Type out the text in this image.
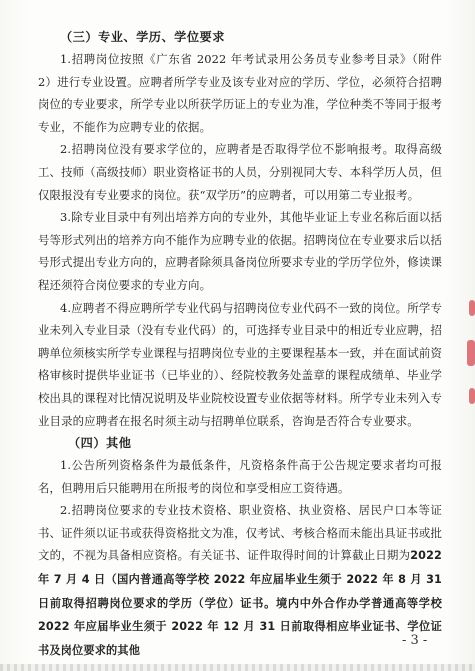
（三）专业、学历、学位要求

1.招聘岗位按照《广东省 2022 年考试录用公务员专业参考目录》（附件 2）进行专业设置。应聘者所学专业及该专业对应的学历、学位，必须符合招聘岗位的专业要求，所学专业以所获学历证上的专业为准，学位种类不等同于报考专业，不能作为应聘专业的依据。

2.招聘岗位没有要求学位的，应聘者是否取得学位不影响报考。取得高级工、技师（高级技师）职业资格证书的人员，分别视同大专、本科学历人员，但仅限报没有专业要求的岗位。获“双学历”的应聘者，可以用第二专业报考。

3.除专业目录中有列出培养方向的专业外，其他毕业证上专业名称后面以括号等形式列出的培养方向不能作为应聘专业的依据。招聘岗位在专业要求后以括号形式提出专业方向的，应聘者除须具备岗位所要求专业的学历学位外，修读课程还须符合岗位要求的专业方向。

4.应聘者不得应聘所学专业代码与招聘岗位专业代码不一致的岗位。所学专业未列入专业目录（没有专业代码）的，可选择专业目录中的相近专业应聘，招聘单位须核实所学专业课程与招聘岗位专业的主要课程基本一致，并在面试前资格审核时提供毕业证书（已毕业的）、经院校教务处盖章的课程成绩单、毕业学校出具的课程对比情况说明及毕业院校设置专业依据等材料。所学专业未列入专业目录的应聘者在报名时须主动与招聘单位联系，咨询是否符合专业要求。

（四）其他

1.公告所列资格条件为最低条件，凡资格条件高于公告规定要求者均可报名，但聘用后只能聘用在所报考的岗位和享受相应工资待遇。

2.招聘岗位要求的专业技术资格、职业资格、执业资格、居民户口本等证书、证件须以证书或获得资格批文为准，仅考试、考核合格而未能出具证书或批文的，不视为具备相应资格。有关证书、证件取得时间的计算截止日期为2022 年 7 月 4 日（国内普通高等学校 2022 年应届毕业生须于 2022 年 8 月 31 日前取得招聘岗位要求的学历（学位）证书。境内中外合作办学普通高等学校 2022 年应届毕业生须于 2022 年 12 月 31 日前取得相应毕业证书、学位证书及岗位要求的其他

- 3 -
